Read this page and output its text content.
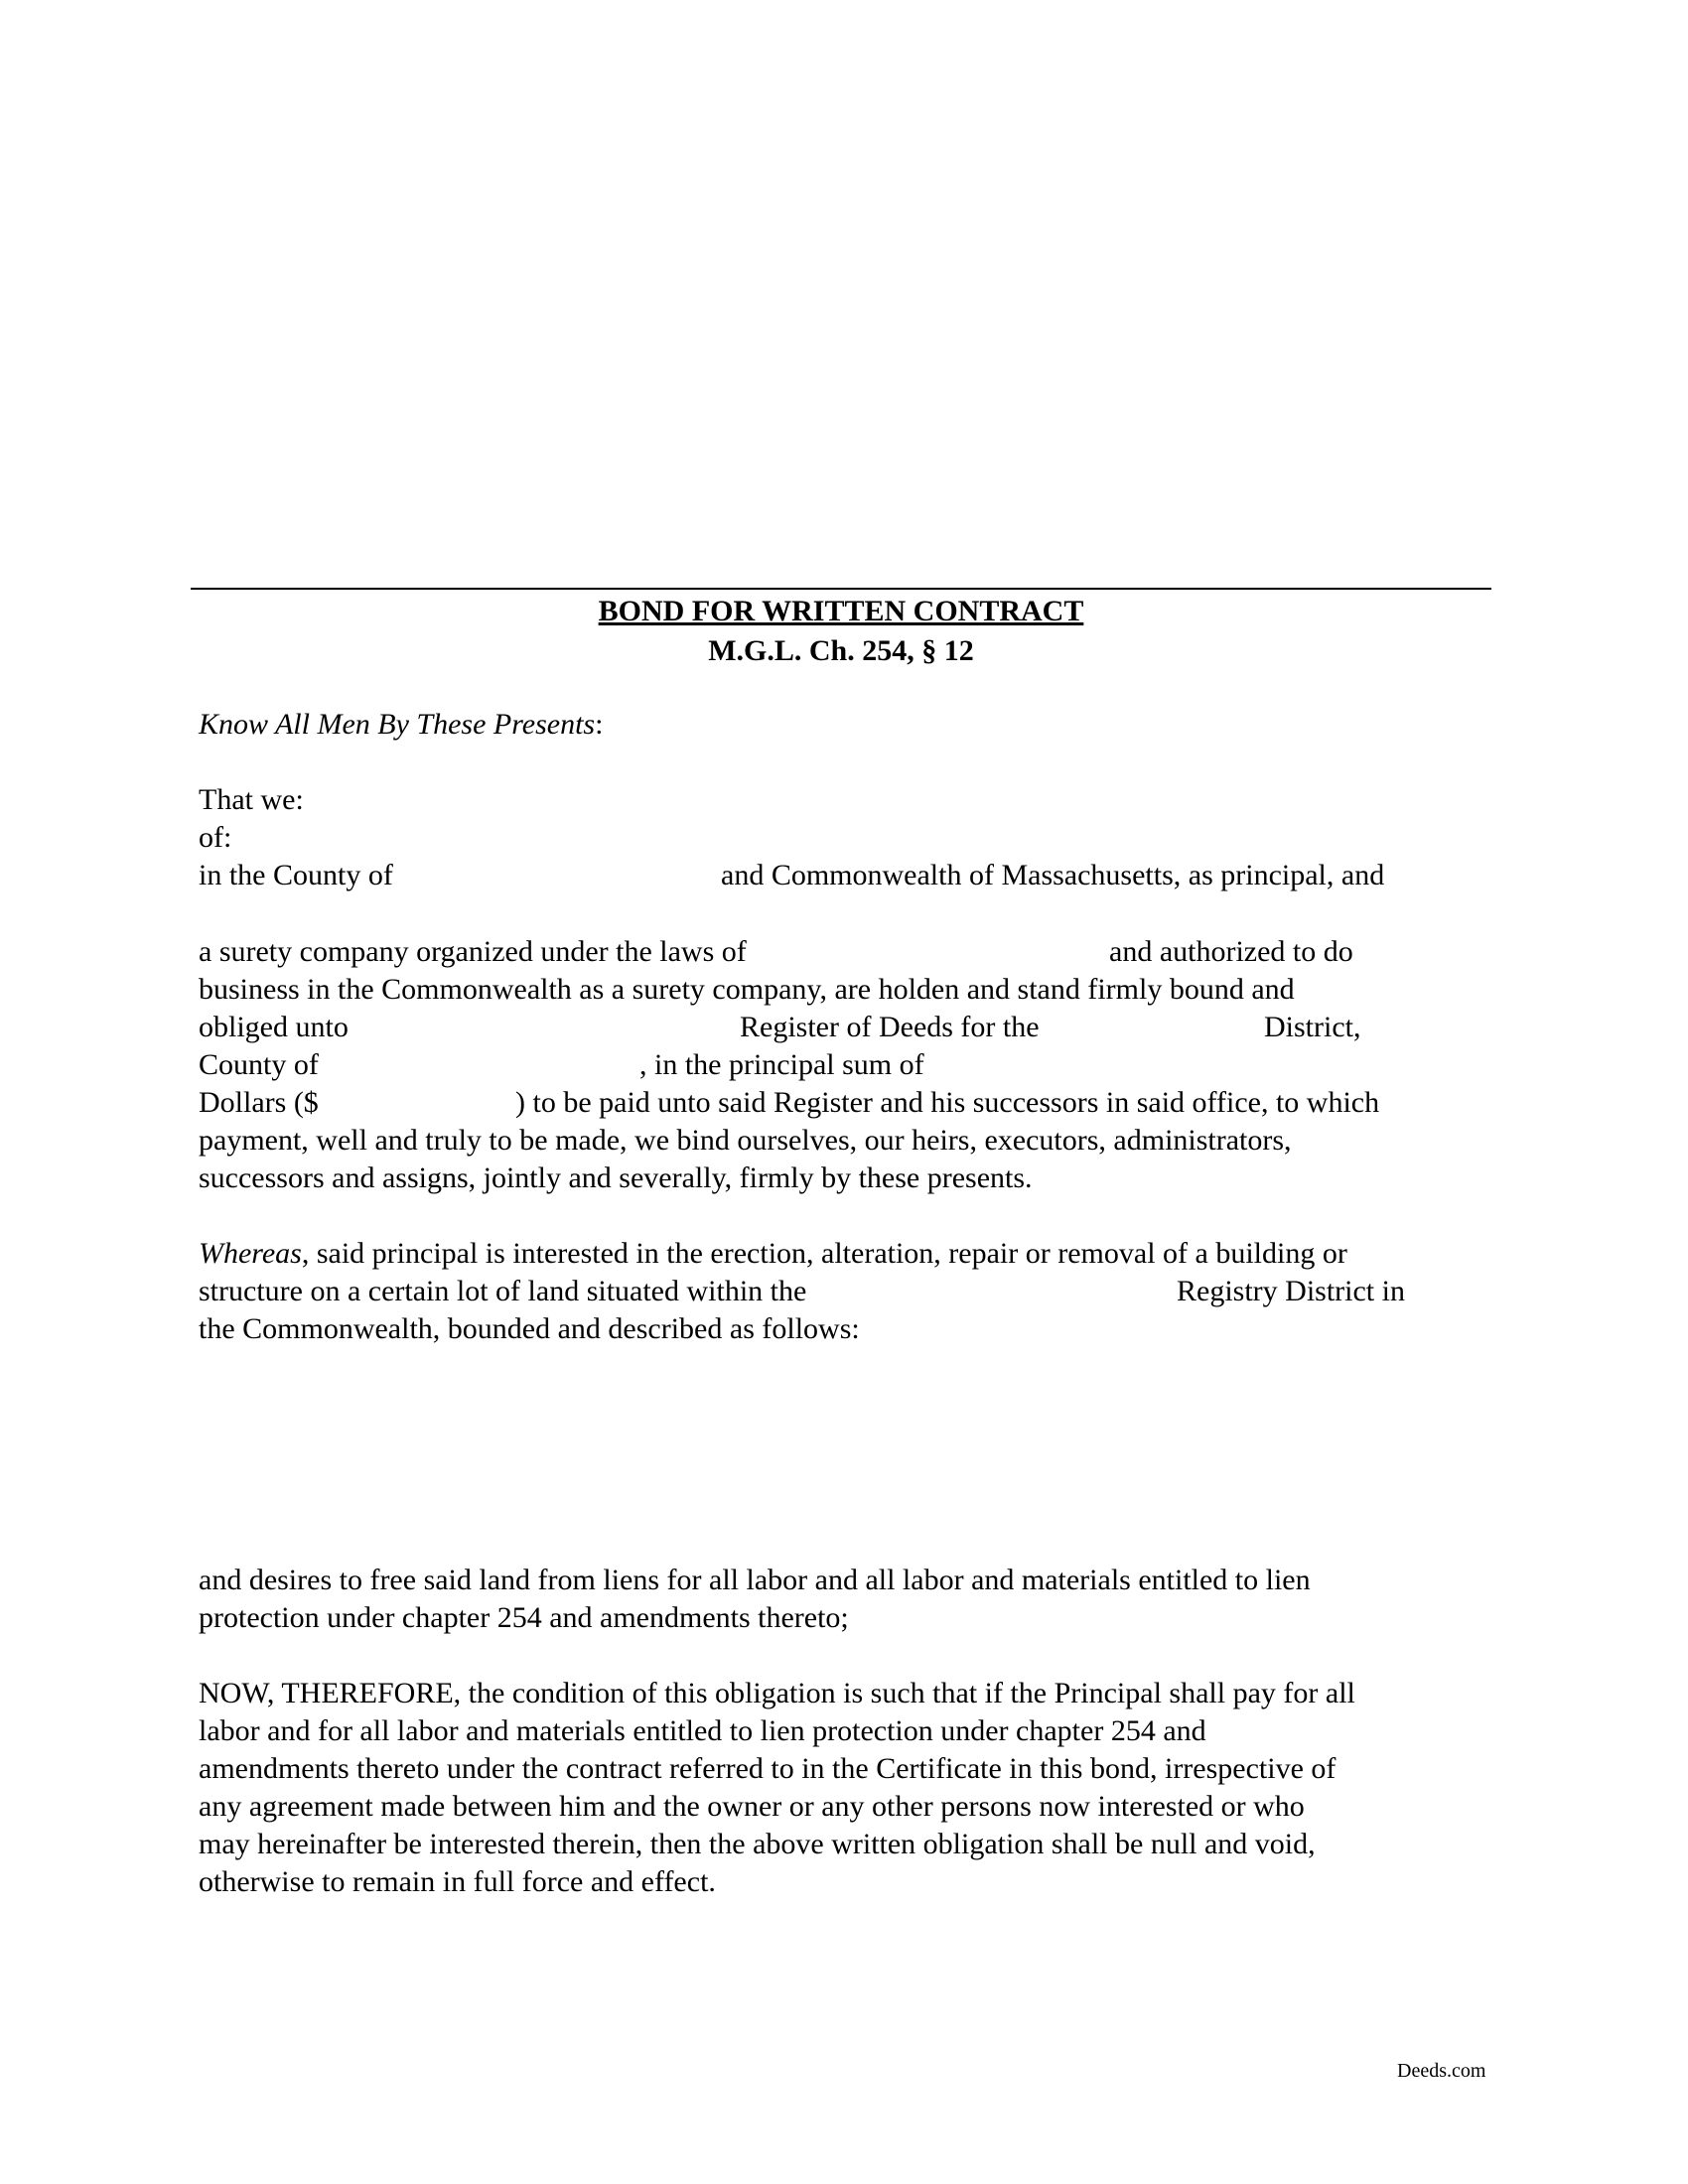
BOND FOR WRITTEN CONTRACT
M.G.L. Ch. 254, § 12
Know All Men By These Presents:
That we:
of:
in the County of	and Commonwealth of Massachusetts, as principal, and
a surety company organized under the laws of	and authorized to do
business in the Commonwealth as a surety company, are holden and stand firmly bound and
obliged unto	Register of Deeds for the	District,
County of	, in the principal sum of
Dollars ($	) to be paid unto said Register and his successors in said office, to which
payment, well and truly to be made, we bind ourselves, our heirs, executors, administrators,
successors and assigns, jointly and severally, firmly by these presents.
Whereas, said principal is interested in the erection, alteration, repair or removal of a building or
structure on a certain lot of land situated within the	Registry District in
the Commonwealth, bounded and described as follows:
and desires to free said land from liens for all labor and all labor and materials entitled to lien
protection under chapter 254 and amendments thereto;
NOW, THEREFORE, the condition of this obligation is such that if the Principal shall pay for all
labor and for all labor and materials entitled to lien protection under chapter 254 and
amendments thereto under the contract referred to in the Certificate in this bond, irrespective of
any agreement made between him and the owner or any other persons now interested or who
may hereinafter be interested therein, then the above written obligation shall be null and void,
otherwise to remain in full force and effect.
Deeds.com
